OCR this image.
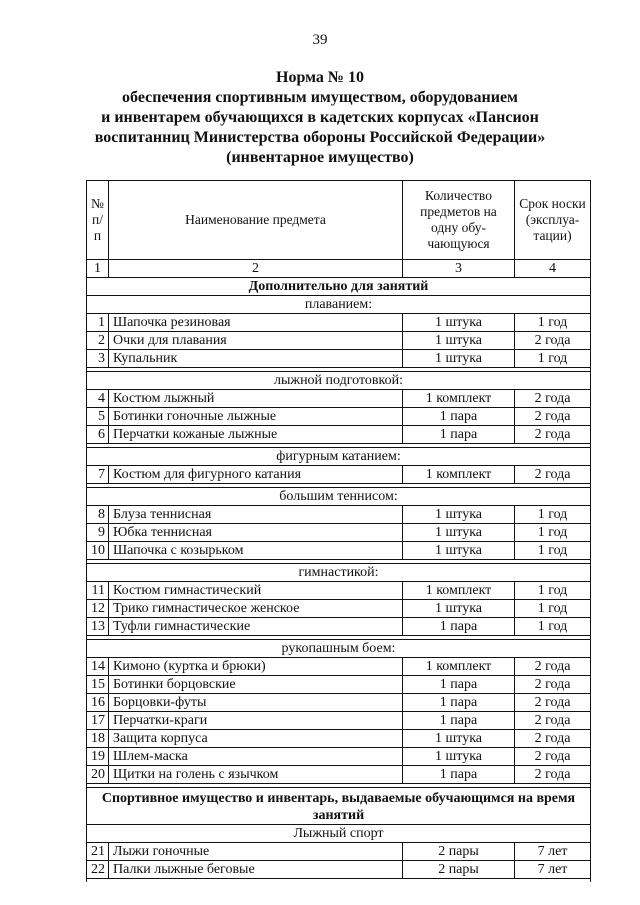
39
Норма № 10
обеспечения спортивным имуществом, оборудованием
и инвентарем обучающихся в кадетских корпусах «Пансион
воспитанниц Министерства обороны Российской Федерации»
(инвентарное имущество)
№ п/п	Наименование предмета	Количество предметов на одну обу-чающуюся	Срок носки (эксплуа-тации)
1	2	3	4
Дополнительно для занятий			
плаванием:			
1	Шапочка резиновая	1 штука	1 год
2	Очки для плавания	1 штука	2 года
3	Купальник	1 штука	1 год

лыжной подготовкой:			
4	Костюм лыжный	1 комплект	2 года
5	Ботинки гоночные лыжные	1 пара	2 года
6	Перчатки кожаные лыжные	1 пара	2 года

фигурным катанием:			
7	Костюм для фигурного катания	1 комплект	2 года

большим теннисом:			
8	Блуза теннисная	1 штука	1 год
9	Юбка теннисная	1 штука	1 год
10	Шапочка с козырьком	1 штука	1 год

гимнастикой:			
11	Костюм гимнастический	1 комплект	1 год
12	Трико гимнастическое женское	1 штука	1 год
13	Туфли гимнастические	1 пара	1 год

рукопашным боем:			
14	Кимоно (куртка и брюки)	1 комплект	2 года
15	Ботинки борцовские	1 пара	2 года
16	Борцовки-футы	1 пара	2 года
17	Перчатки-краги	1 пара	2 года
18	Защита корпуса	1 штука	2 года
19	Шлем-маска	1 штука	2 года
20	Щитки на голень с язычком	1 пара	2 года

Спортивное имущество и инвентарь, выдаваемые обучающимся на время занятий			
Лыжный спорт			
21	Лыжи гоночные	2 пары	7 лет
22	Палки лыжные беговые	2 пары	7 лет
